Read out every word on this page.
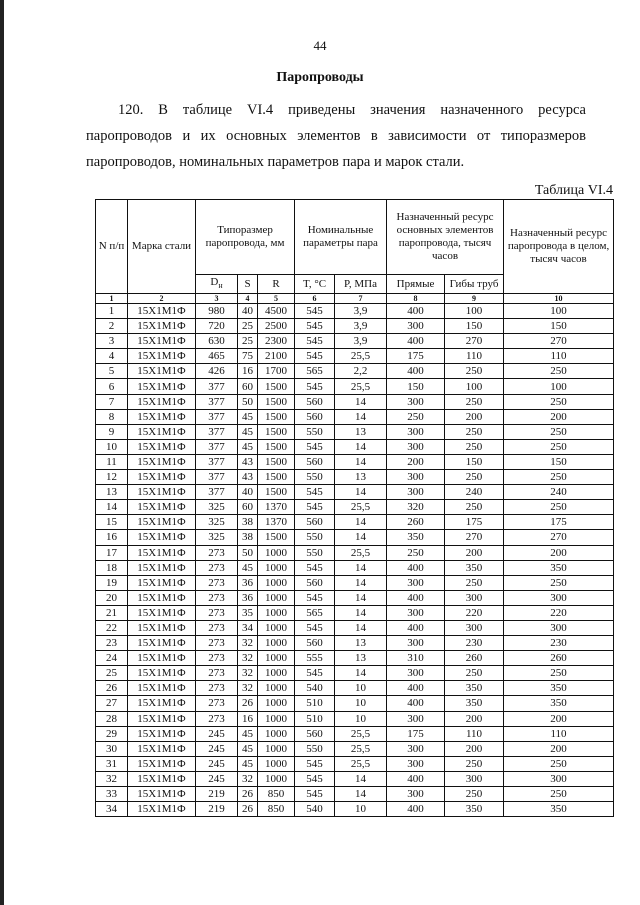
44
Паропроводы
120. В таблице VI.4 приведены значения назначенного ресурса
паропроводов и их основных элементов в зависимости от типоразмеров
паропроводов, номинальных параметров пара и марок стали.
Таблица VI.4
N п/п	Марка стали	Типоразмер паропровода, мм			Номинальные параметры пара		Назначенный ресурс основных элементов паропровода, тысяч часов		Назначенный ресурс паропровода в целом, тысяч часов
		$D_н$	S	R	T, °C	P, МПа	Прямые	Гибы труб	
1	2	3	4	5	6	7	8	9	10
1	15Х1М1Ф	980	40	4500	545	3,9	400	100	100
2	15Х1М1Ф	720	25	2500	545	3,9	300	150	150
3	15Х1М1Ф	630	25	2300	545	3,9	400	270	270
4	15Х1М1Ф	465	75	2100	545	25,5	175	110	110
5	15Х1М1Ф	426	16	1700	565	2,2	400	250	250
6	15Х1М1Ф	377	60	1500	545	25,5	150	100	100
7	15Х1М1Ф	377	50	1500	560	14	300	250	250
8	15Х1М1Ф	377	45	1500	560	14	250	200	200
9	15Х1М1Ф	377	45	1500	550	13	300	250	250
10	15Х1М1Ф	377	45	1500	545	14	300	250	250
11	15Х1М1Ф	377	43	1500	560	14	200	150	150
12	15Х1М1Ф	377	43	1500	550	13	300	250	250
13	15Х1М1Ф	377	40	1500	545	14	300	240	240
14	15Х1М1Ф	325	60	1370	545	25,5	320	250	250
15	15Х1М1Ф	325	38	1370	560	14	260	175	175
16	15Х1М1Ф	325	38	1500	550	14	350	270	270
17	15Х1М1Ф	273	50	1000	550	25,5	250	200	200
18	15Х1М1Ф	273	45	1000	545	14	400	350	350
19	15Х1М1Ф	273	36	1000	560	14	300	250	250
20	15Х1М1Ф	273	36	1000	545	14	400	300	300
21	15Х1М1Ф	273	35	1000	565	14	300	220	220
22	15Х1М1Ф	273	34	1000	545	14	400	300	300
23	15Х1М1Ф	273	32	1000	560	13	300	230	230
24	15Х1М1Ф	273	32	1000	555	13	310	260	260
25	15Х1М1Ф	273	32	1000	545	14	300	250	250
26	15Х1М1Ф	273	32	1000	540	10	400	350	350
27	15Х1М1Ф	273	26	1000	510	10	400	350	350
28	15Х1М1Ф	273	16	1000	510	10	300	200	200
29	15Х1М1Ф	245	45	1000	560	25,5	175	110	110
30	15Х1М1Ф	245	45	1000	550	25,5	300	200	200
31	15Х1М1Ф	245	45	1000	545	25,5	300	250	250
32	15Х1М1Ф	245	32	1000	545	14	400	300	300
33	15Х1М1Ф	219	26	850	545	14	300	250	250
34	15Х1М1Ф	219	26	850	540	10	400	350	350
